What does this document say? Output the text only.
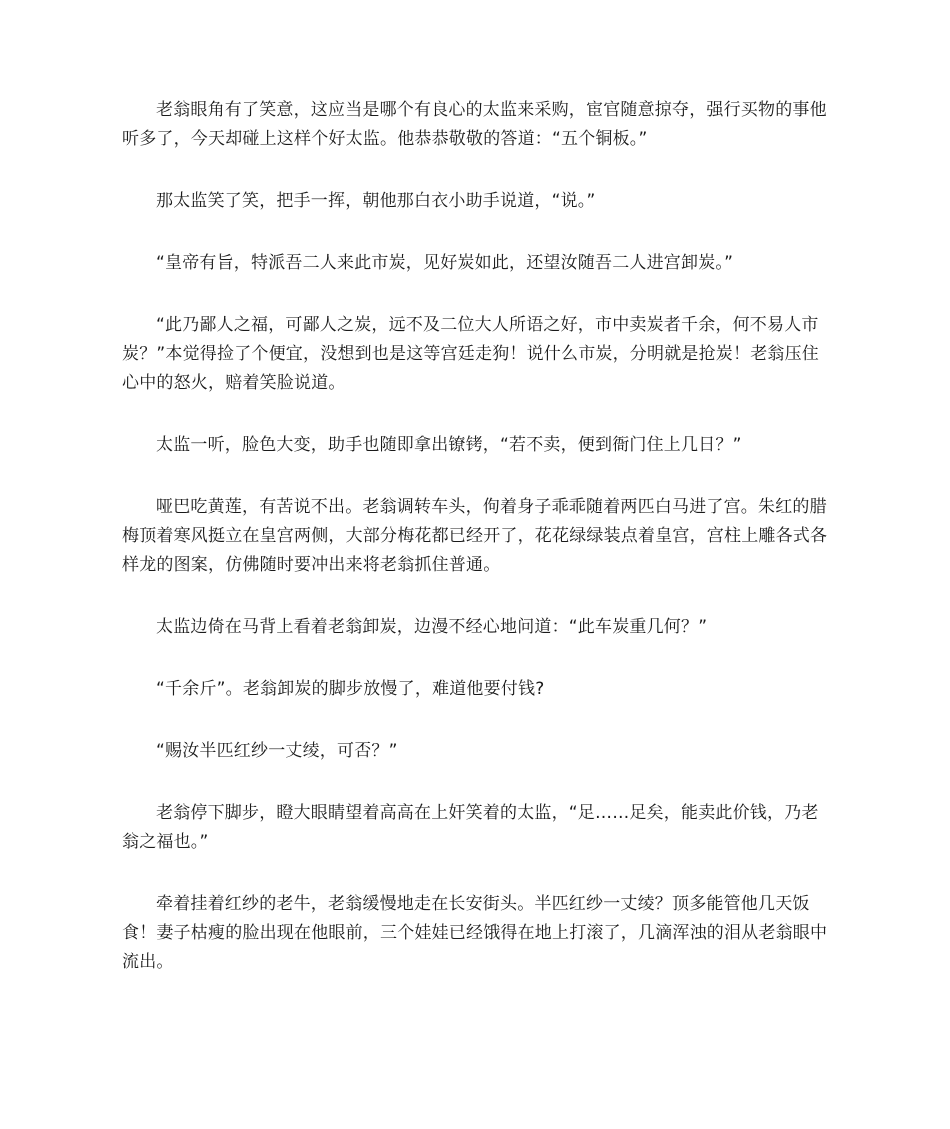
老翁眼角有了笑意，这应当是哪个有良心的太监来采购，宦官随意掠夺，强行买物的事他听多了，今天却碰上这样个好太监。他恭恭敬敬的答道：“五个铜板。”

那太监笑了笑，把手一挥，朝他那白衣小助手说道，“说。”

“皇帝有旨，特派吾二人来此市炭，见好炭如此，还望汝随吾二人进宫卸炭。”

“此乃鄙人之福，可鄙人之炭，远不及二位大人所语之好，市中卖炭者千余，何不易人市炭？”本觉得捡了个便宜，没想到也是这等宫廷走狗！说什么市炭，分明就是抢炭！老翁压住心中的怒火，赔着笑脸说道。

太监一听，脸色大变，助手也随即拿出镣铐，“若不卖，便到衙门住上几日？”

哑巴吃黄莲，有苦说不出。老翁调转车头，佝着身子乖乖随着两匹白马进了宫。朱红的腊梅顶着寒风挺立在皇宫两侧，大部分梅花都已经开了，花花绿绿装点着皇宫，宫柱上雕各式各样龙的图案，仿佛随时要冲出来将老翁抓住普通。

太监边倚在马背上看着老翁卸炭，边漫不经心地问道：“此车炭重几何？”

“千余斤”。老翁卸炭的脚步放慢了，难道他要付钱?

“赐汝半匹红纱一丈绫，可否？”

老翁停下脚步，瞪大眼睛望着高高在上奸笑着的太监，“足……足矣，能卖此价钱，乃老翁之福也。”

牵着挂着红纱的老牛，老翁缓慢地走在长安街头。半匹红纱一丈绫？顶多能管他几天饭食！妻子枯瘦的脸出现在他眼前，三个娃娃已经饿得在地上打滚了，几滴浑浊的泪从老翁眼中流出。
